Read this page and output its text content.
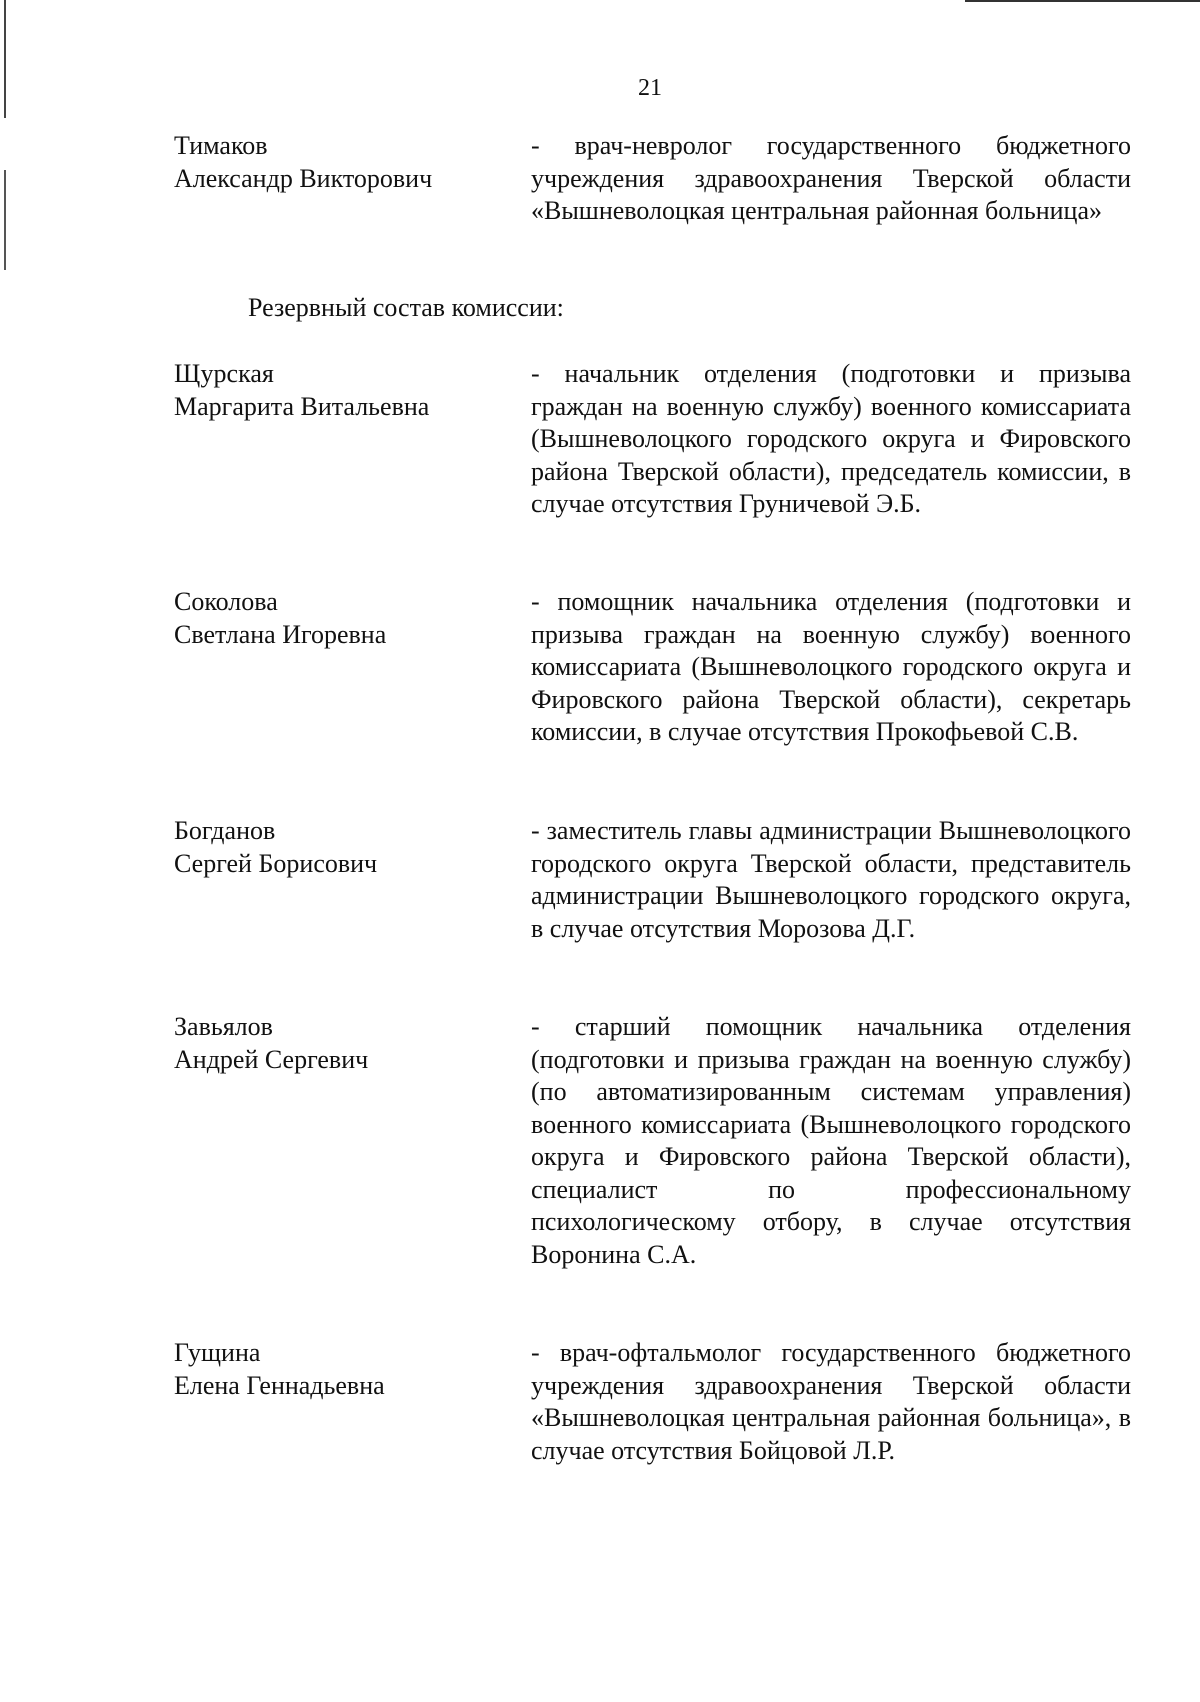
21
Тимаков
Александр Викторович
- врач-невролог государственного бюджетного учреждения здравоохранения Тверской области «Вышневолоцкая центральная районная больница»
Резервный состав комиссии:
Щурская
Маргарита Витальевна
- начальник отделения (подготовки и призыва граждан на военную службу) военного комиссариата (Вышневолоцкого городского округа и Фировского района Тверской области), председатель комиссии, в случае отсутствия Груничевой Э.Б.
Соколова
Светлана Игоревна
- помощник начальника отделения (подготовки и призыва граждан на военную службу) военного комиссариата (Вышневолоцкого городского округа и Фировского района Тверской области), секретарь комиссии, в случае отсутствия Прокофьевой С.В.
Богданов
Сергей Борисович
- заместитель главы администрации Вышневолоцкого городского округа Тверской области, представитель администрации Вышневолоцкого городского округа, в случае отсутствия Морозова Д.Г.
Завьялов
Андрей Сергевич
- старший помощник начальника отделения (подготовки и призыва граждан на военную службу) (по автоматизированным системам управления) военного комиссариата (Вышневолоцкого городского округа и Фировского района Тверской области), специалист по профессиональному психологическому отбору, в случае отсутствия Воронина С.А.
Гущина
Елена Геннадьевна
- врач-офтальмолог государственного бюджетного учреждения здравоохранения Тверской области «Вышневолоцкая центральная районная больница», в случае отсутствия Бойцовой Л.Р.
